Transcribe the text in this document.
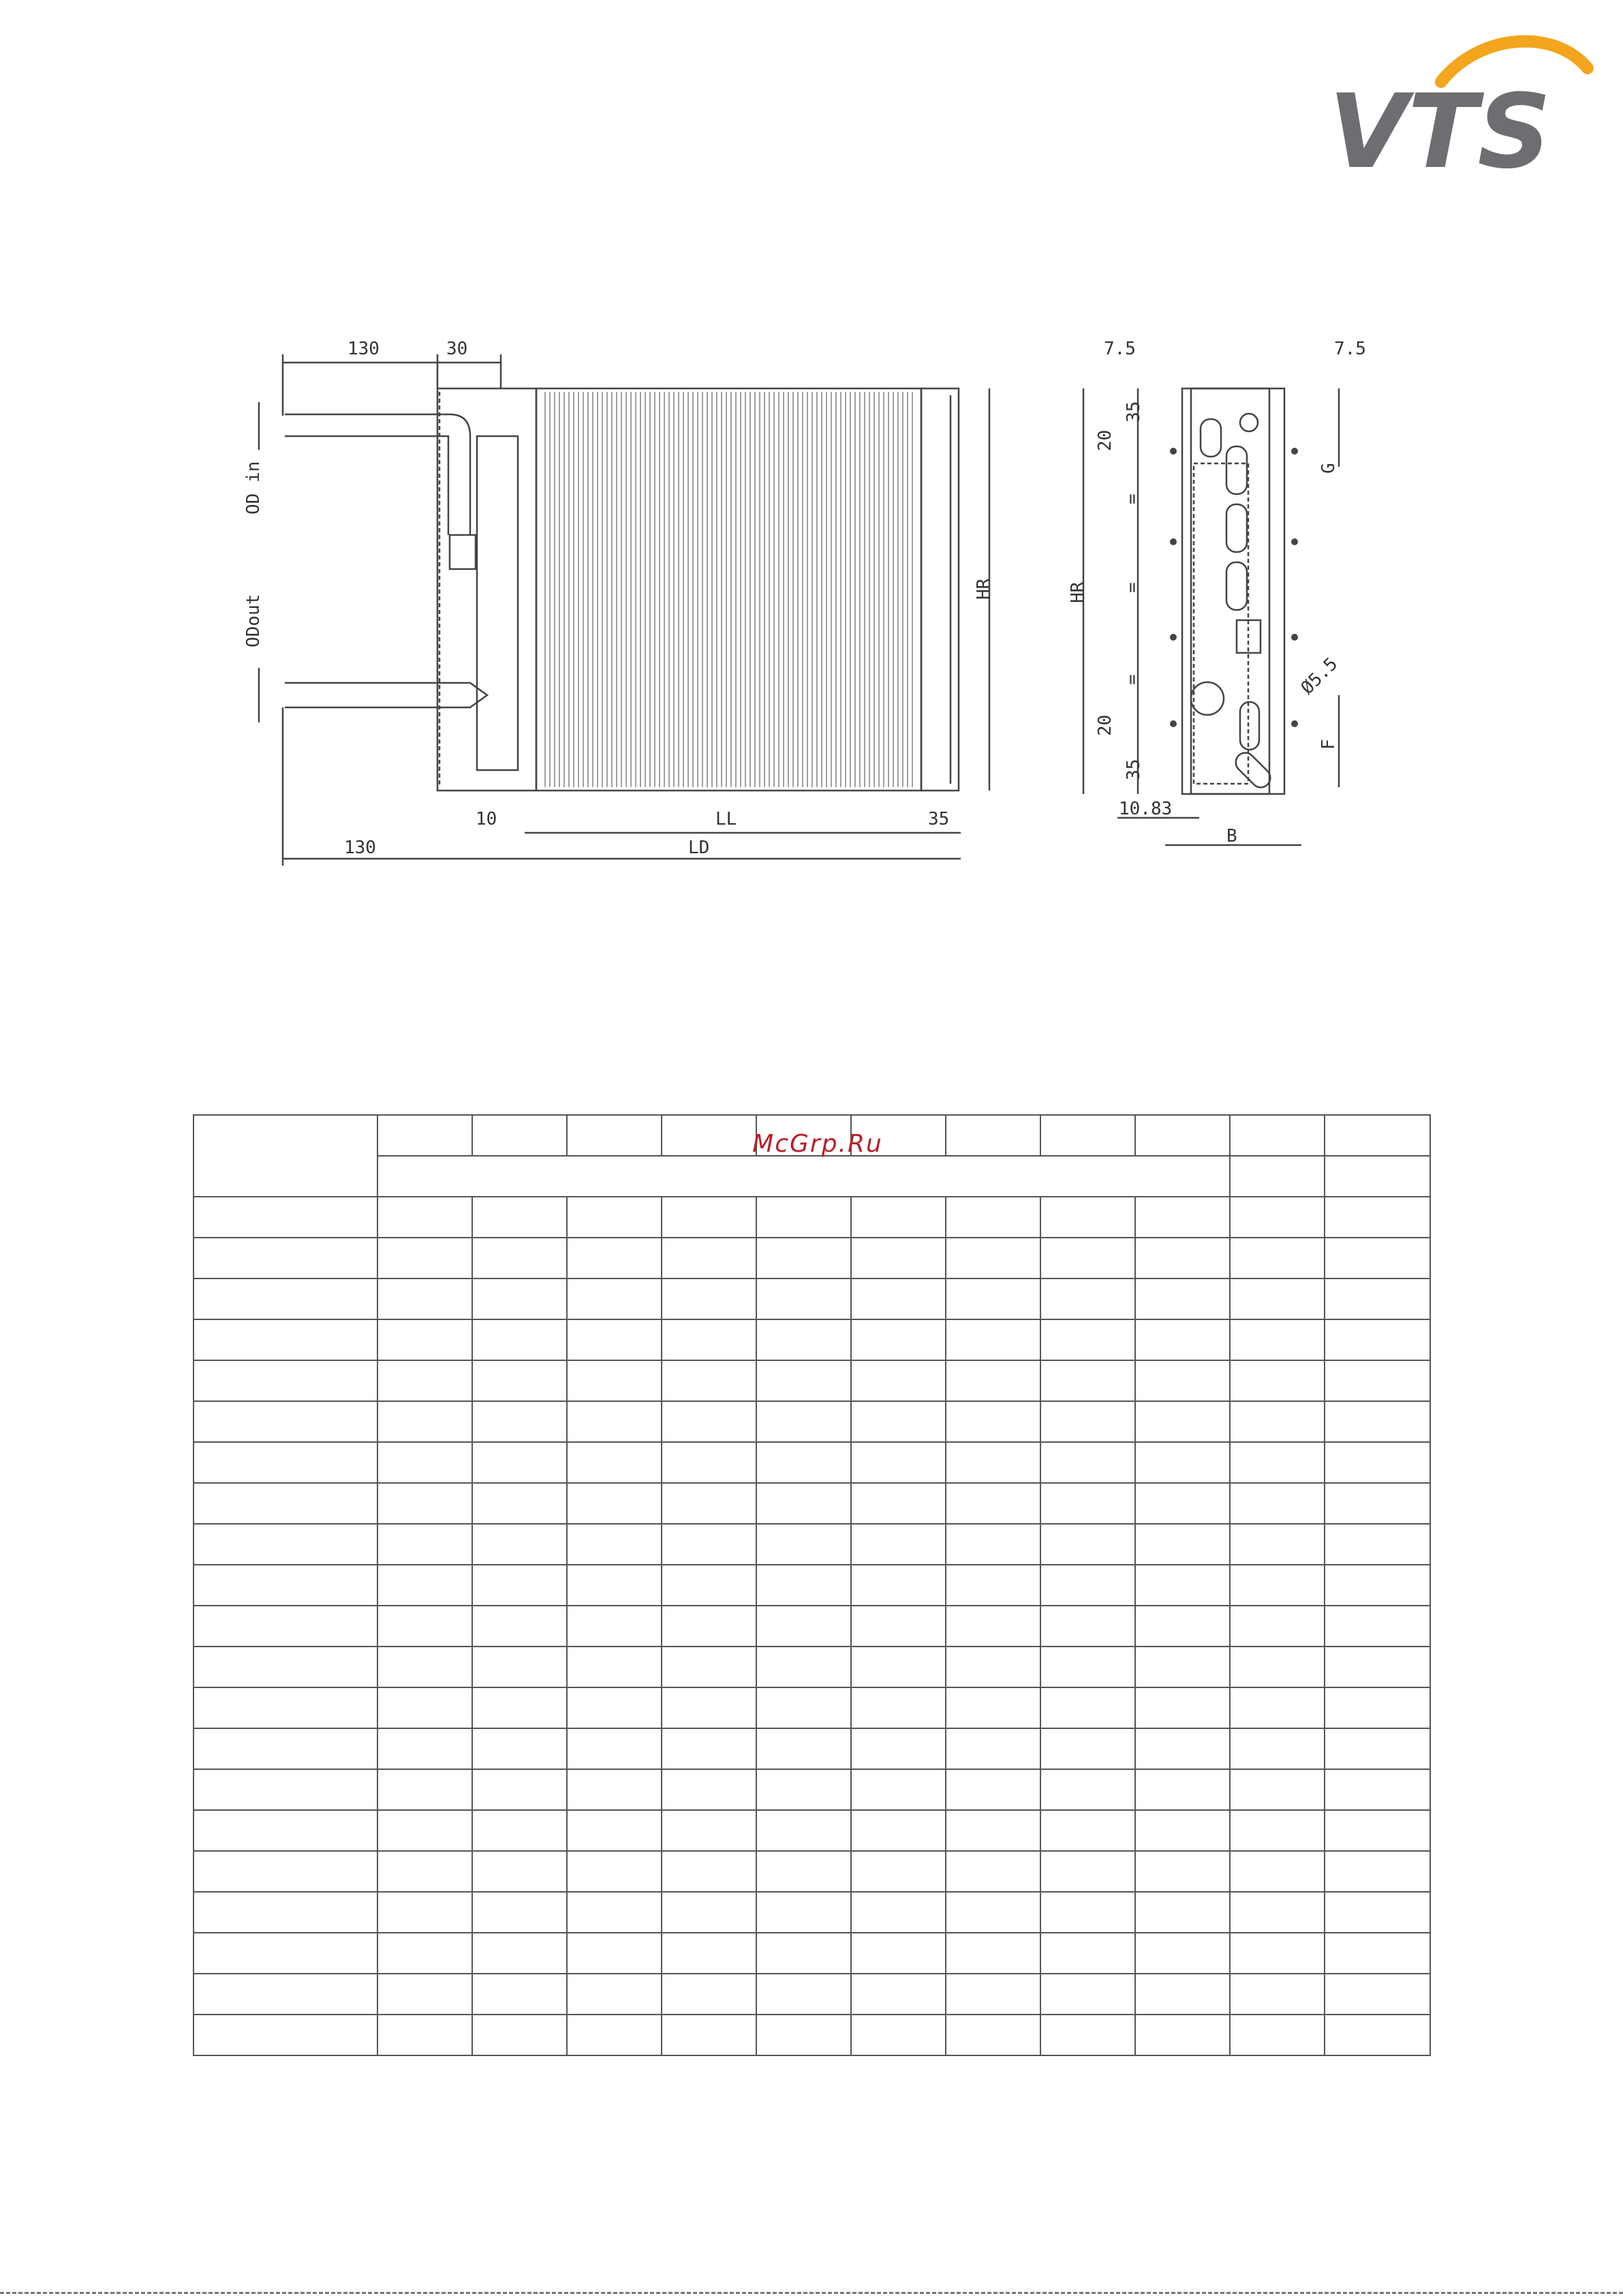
VTS
130	30
10	LL	35
130	LD
OD in
ODout
HR
7.5	7.5
35
20
=
=
=
20
35
HR
G
F
Ø5.5
10.83
B

McGrp.Ru
